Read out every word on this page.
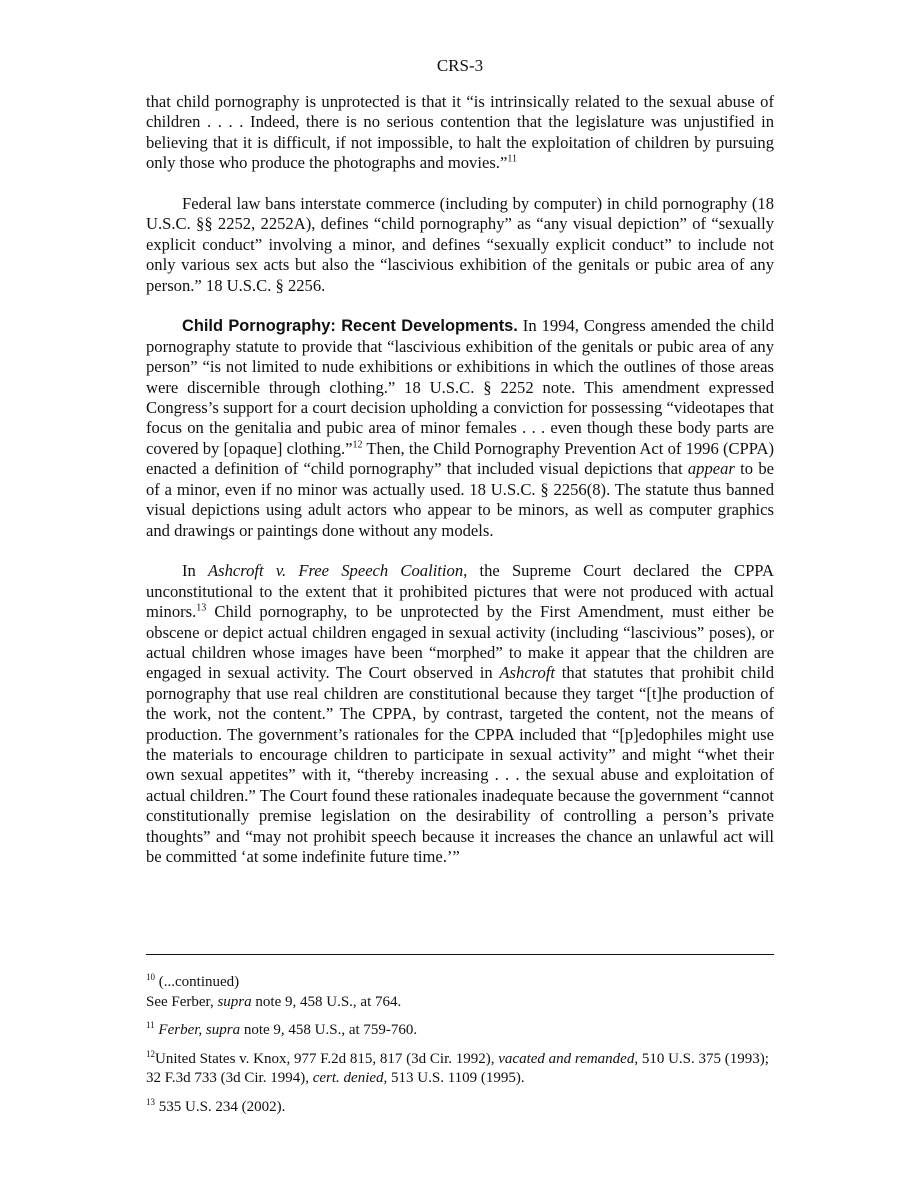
CRS-3

that child pornography is unprotected is that it “is intrinsically related to the sexual abuse of children . . . . Indeed, there is no serious contention that the legislature was unjustified in believing that it is difficult, if not impossible, to halt the exploitation of children by pursuing only those who produce the photographs and movies.”$^{11}$

Federal law bans interstate commerce (including by computer) in child pornography (18 U.S.C. §§ 2252, 2252A), defines “child pornography” as “any visual depiction” of “sexually explicit conduct” involving a minor, and defines “sexually explicit conduct” to include not only various sex acts but also the “lascivious exhibition of the genitals or pubic area of any person.” 18 U.S.C. § 2256.

Child Pornography: Recent Developments. In 1994, Congress amended the child pornography statute to provide that “lascivious exhibition of the genitals or pubic area of any person” “is not limited to nude exhibitions or exhibitions in which the outlines of those areas were discernible through clothing.” 18 U.S.C. § 2252 note. This amendment expressed Congress’s support for a court decision upholding a conviction for possessing “videotapes that focus on the genitalia and pubic area of minor females . . . even though these body parts are covered by [opaque] clothing.”$^{12}$ Then, the Child Pornography Prevention Act of 1996 (CPPA) enacted a definition of “child pornography” that included visual depictions that appear to be of a minor, even if no minor was actually used. 18 U.S.C. § 2256(8). The statute thus banned visual depictions using adult actors who appear to be minors, as well as computer graphics and drawings or paintings done without any models.

In Ashcroft v. Free Speech Coalition, the Supreme Court declared the CPPA unconstitutional to the extent that it prohibited pictures that were not produced with actual minors.$^{13}$ Child pornography, to be unprotected by the First Amendment, must either be obscene or depict actual children engaged in sexual activity (including “lascivious” poses), or actual children whose images have been “morphed” to make it appear that the children are engaged in sexual activity. The Court observed in Ashcroft that statutes that prohibit child pornography that use real children are constitutional because they target “[t]he production of the work, not the content.” The CPPA, by contrast, targeted the content, not the means of production. The government’s rationales for the CPPA included that “[p]edophiles might use the materials to encourage children to participate in sexual activity” and might “whet their own sexual appetites” with it, “thereby increasing . . . the sexual abuse and exploitation of actual children.” The Court found these rationales inadequate because the government “cannot constitutionally premise legislation on the desirability of controlling a person’s private thoughts” and “may not prohibit speech because it increases the chance an unlawful act will be committed ‘at some indefinite future time.’”

$^{10}$ (...continued)
See Ferber, supra note 9, 458 U.S., at 764.
$^{11}$ Ferber, supra note 9, 458 U.S., at 759-760.
$^{12}$United States v. Knox, 977 F.2d 815, 817 (3d Cir. 1992), vacated and remanded, 510 U.S. 375 (1993); 32 F.3d 733 (3d Cir. 1994), cert. denied, 513 U.S. 1109 (1995).
$^{13}$ 535 U.S. 234 (2002).
